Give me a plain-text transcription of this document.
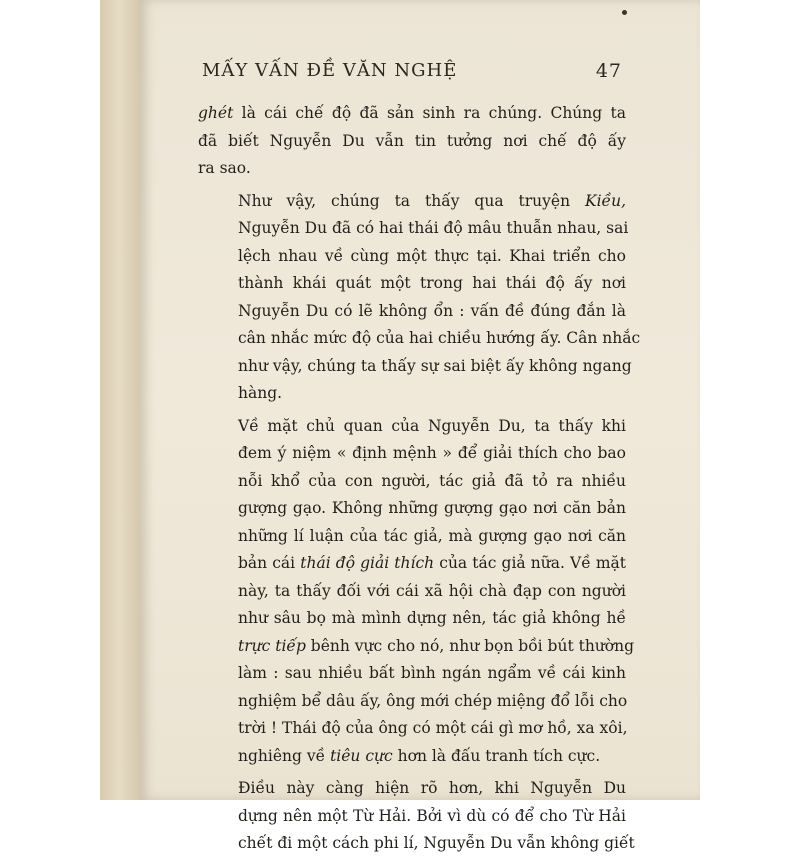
MẤY VẤN ĐỀ VĂN NGHỆ	47
ghét là cái chế độ đã sản sinh ra chúng. Chúng ta
đã biết Nguyễn Du vẫn tin tưởng nơi chế độ ấy
ra sao.
Như vậy, chúng ta thấy qua truyện Kiều,
Nguyễn Du đã có hai thái độ mâu thuẫn nhau, sai
lệch nhau về cùng một thực tại. Khai triển cho
thành khái quát một trong hai thái độ ấy nơi
Nguyễn Du có lẽ không ổn : vấn đề đúng đắn là
cân nhắc mức độ của hai chiều hướng ấy. Cân nhắc
như vậy, chúng ta thấy sự sai biệt ấy không ngang
hàng.
Về mặt chủ quan của Nguyễn Du, ta thấy khi
đem ý niệm « định mệnh » để giải thích cho bao
nỗi khổ của con người, tác giả đã tỏ ra nhiều
gượng gạo. Không những gượng gạo nơi căn bản
những lí luận của tác giả, mà gượng gạo nơi căn
bản cái thái độ giải thích của tác giả nữa. Về mặt
này, ta thấy đối với cái xã hội chà đạp con người
như sâu bọ mà mình dựng nên, tác giả không hề
trực tiếp bênh vực cho nó, như bọn bồi bút thường
làm : sau nhiều bất bình ngán ngẩm về cái kinh
nghiệm bể dâu ấy, ông mới chép miệng đổ lỗi cho
trời ! Thái độ của ông có một cái gì mơ hồ, xa xôi,
nghiêng về tiêu cực hơn là đấu tranh tích cực.
Điều này càng hiện rõ hơn, khi Nguyễn Du
dựng nên một Từ Hải. Bởi vì dù có để cho Từ Hải
chết đi một cách phi lí, Nguyễn Du vẫn không giết
